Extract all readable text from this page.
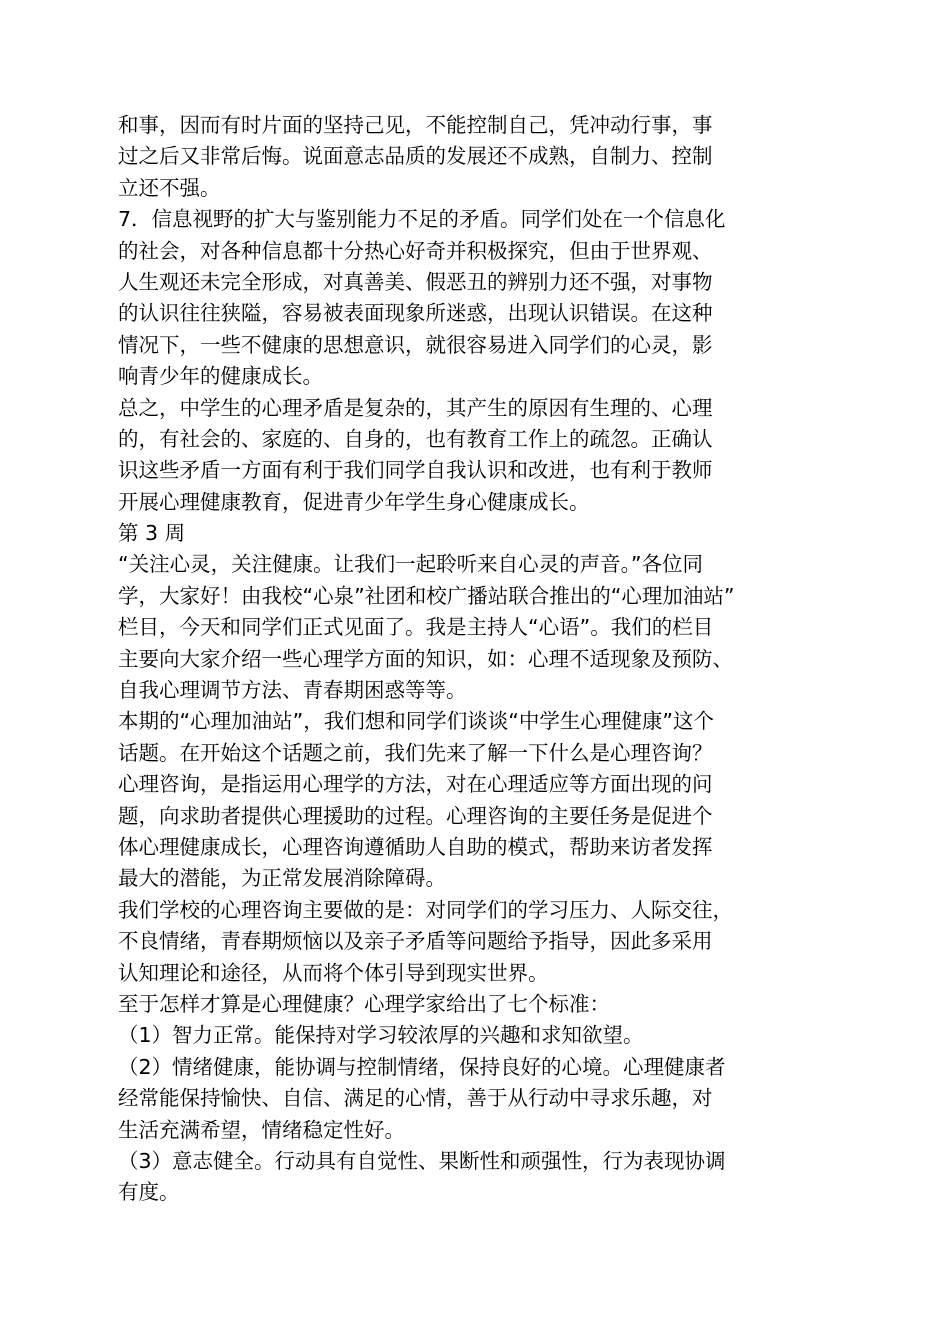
和事，因而有时片面的坚持己见，不能控制自己，凭冲动行事，事
过之后又非常后悔。说面意志品质的发展还不成熟，自制力、控制
立还不强。
7．信息视野的扩大与鉴别能力不足的矛盾。同学们处在一个信息化
的社会，对各种信息都十分热心好奇并积极探究，但由于世界观、
人生观还未完全形成，对真善美、假恶丑的辨别力还不强，对事物
的认识往往狭隘，容易被表面现象所迷惑，出现认识错误。在这种
情况下，一些不健康的思想意识，就很容易进入同学们的心灵，影
响青少年的健康成长。
总之，中学生的心理矛盾是复杂的，其产生的原因有生理的、心理
的，有社会的、家庭的、自身的，也有教育工作上的疏忽。正确认
识这些矛盾一方面有利于我们同学自我认识和改进，也有利于教师
开展心理健康教育，促进青少年学生身心健康成长。
第 3 周
“关注心灵，关注健康。让我们一起聆听来自心灵的声音。”各位同
学，大家好！由我校“心泉”社团和校广播站联合推出的“心理加油站”
栏目，今天和同学们正式见面了。我是主持人“心语”。我们的栏目
主要向大家介绍一些心理学方面的知识，如：心理不适现象及预防、
自我心理调节方法、青春期困惑等等。
本期的“心理加油站”，我们想和同学们谈谈“中学生心理健康”这个
话题。在开始这个话题之前，我们先来了解一下什么是心理咨询？
心理咨询，是指运用心理学的方法，对在心理适应等方面出现的问
题，向求助者提供心理援助的过程。心理咨询的主要任务是促进个
体心理健康成长，心理咨询遵循助人自助的模式，帮助来访者发挥
最大的潜能，为正常发展消除障碍。
我们学校的心理咨询主要做的是：对同学们的学习压力、人际交往，
不良情绪，青春期烦恼以及亲子矛盾等问题给予指导，因此多采用
认知理论和途径，从而将个体引导到现实世界。
至于怎样才算是心理健康？心理学家给出了七个标准：
（1）智力正常。能保持对学习较浓厚的兴趣和求知欲望。
（2）情绪健康，能协调与控制情绪，保持良好的心境。心理健康者
经常能保持愉快、自信、满足的心情，善于从行动中寻求乐趣，对
生活充满希望，情绪稳定性好。
（3）意志健全。行动具有自觉性、果断性和顽强性，行为表现协调
有度。
